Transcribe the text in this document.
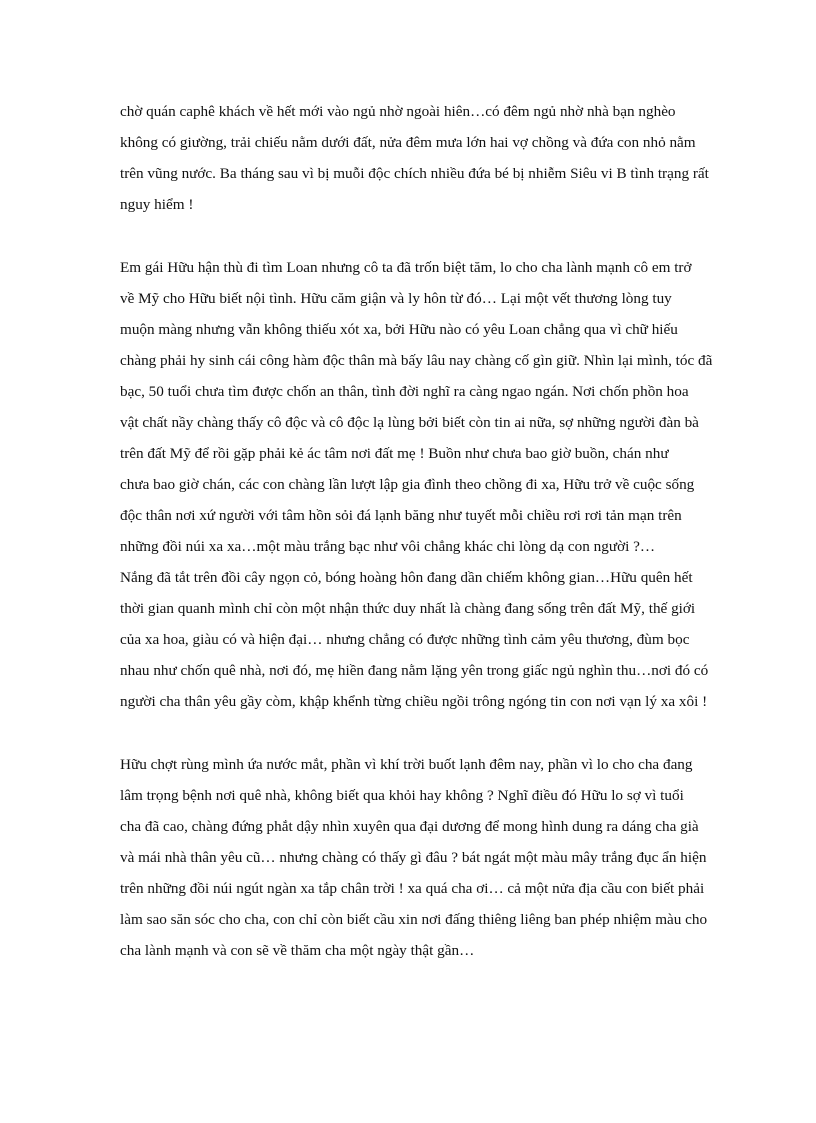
chờ quán caphê khách về hết mới vào ngủ nhờ ngoài hiên…có đêm ngủ nhờ nhà bạn nghèo
không có giường, trải chiếu nằm dưới đất, nửa đêm mưa lớn hai vợ chồng và đứa con nhỏ nằm
trên vũng nước. Ba tháng sau vì bị muỗi độc chích nhiều đứa bé bị nhiễm Siêu vi B tình trạng rất
nguy hiểm !

Em gái Hữu hận thù đi tìm Loan nhưng cô ta đã trốn biệt tăm, lo cho cha lành mạnh cô em trở
về Mỹ cho Hữu biết nội tình. Hữu căm giận và ly hôn từ đó… Lại một vết thương lòng tuy
muộn màng nhưng vẫn không thiếu xót xa, bởi Hữu nào có yêu Loan chẳng qua vì chữ hiếu
chàng phải hy sinh cái công hàm độc thân mà bấy lâu nay chàng cố gìn giữ. Nhìn lại mình, tóc đã
bạc, 50 tuổi chưa tìm được chốn an thân, tình đời nghĩ ra càng ngao ngán. Nơi chốn phồn hoa
vật chất nầy chàng thấy cô độc và cô độc lạ lùng bởi biết còn tin ai nữa, sợ những người đàn bà
trên đất Mỹ để rồi gặp phải kẻ ác tâm nơi đất mẹ ! Buồn như chưa bao giờ buồn, chán như
chưa bao giờ chán, các con chàng lần lượt lập gia đình theo chồng đi xa, Hữu trở về cuộc sống
độc thân nơi xứ người với tâm hồn sỏi đá lạnh băng như tuyết mỗi chiều rơi rơi tản mạn trên
những đồi núi xa xa…một màu trắng bạc như vôi chẳng khác chi lòng dạ con người ?…
Nắng đã tắt trên đồi cây ngọn cỏ, bóng hoàng hôn đang dần chiếm không gian…Hữu quên hết
thời gian quanh mình chỉ còn một nhận thức duy nhất là chàng đang sống trên đất Mỹ, thế giới
của xa hoa, giàu có và hiện đại… nhưng chẳng có được những tình cảm yêu thương, đùm bọc
nhau như chốn quê nhà, nơi đó, mẹ hiền đang nằm lặng yên trong giấc ngủ nghìn thu…nơi đó có
người cha thân yêu gầy còm, khập khểnh từng chiều ngồi trông ngóng tin con nơi vạn lý xa xôi !

Hữu chợt rùng mình ứa nước mắt, phần vì khí trời buốt lạnh đêm nay, phần vì lo cho cha đang
lâm trọng bệnh nơi quê nhà, không biết qua khỏi hay không ? Nghĩ điều đó Hữu lo sợ vì tuổi
cha đã cao, chàng đứng phắt dậy nhìn xuyên qua đại dương để mong hình dung ra dáng cha già
và mái nhà thân yêu cũ… nhưng chàng có thấy gì đâu ? bát ngát một màu mây trắng đục ẩn hiện
trên những đồi núi ngút ngàn xa tắp chân trời ! xa quá cha ơi… cả một nửa địa cầu con biết phải
làm sao săn sóc cho cha, con chỉ còn biết cầu xin nơi đấng thiêng liêng ban phép nhiệm màu cho
cha lành mạnh và con sẽ về thăm cha một ngày thật gần…
